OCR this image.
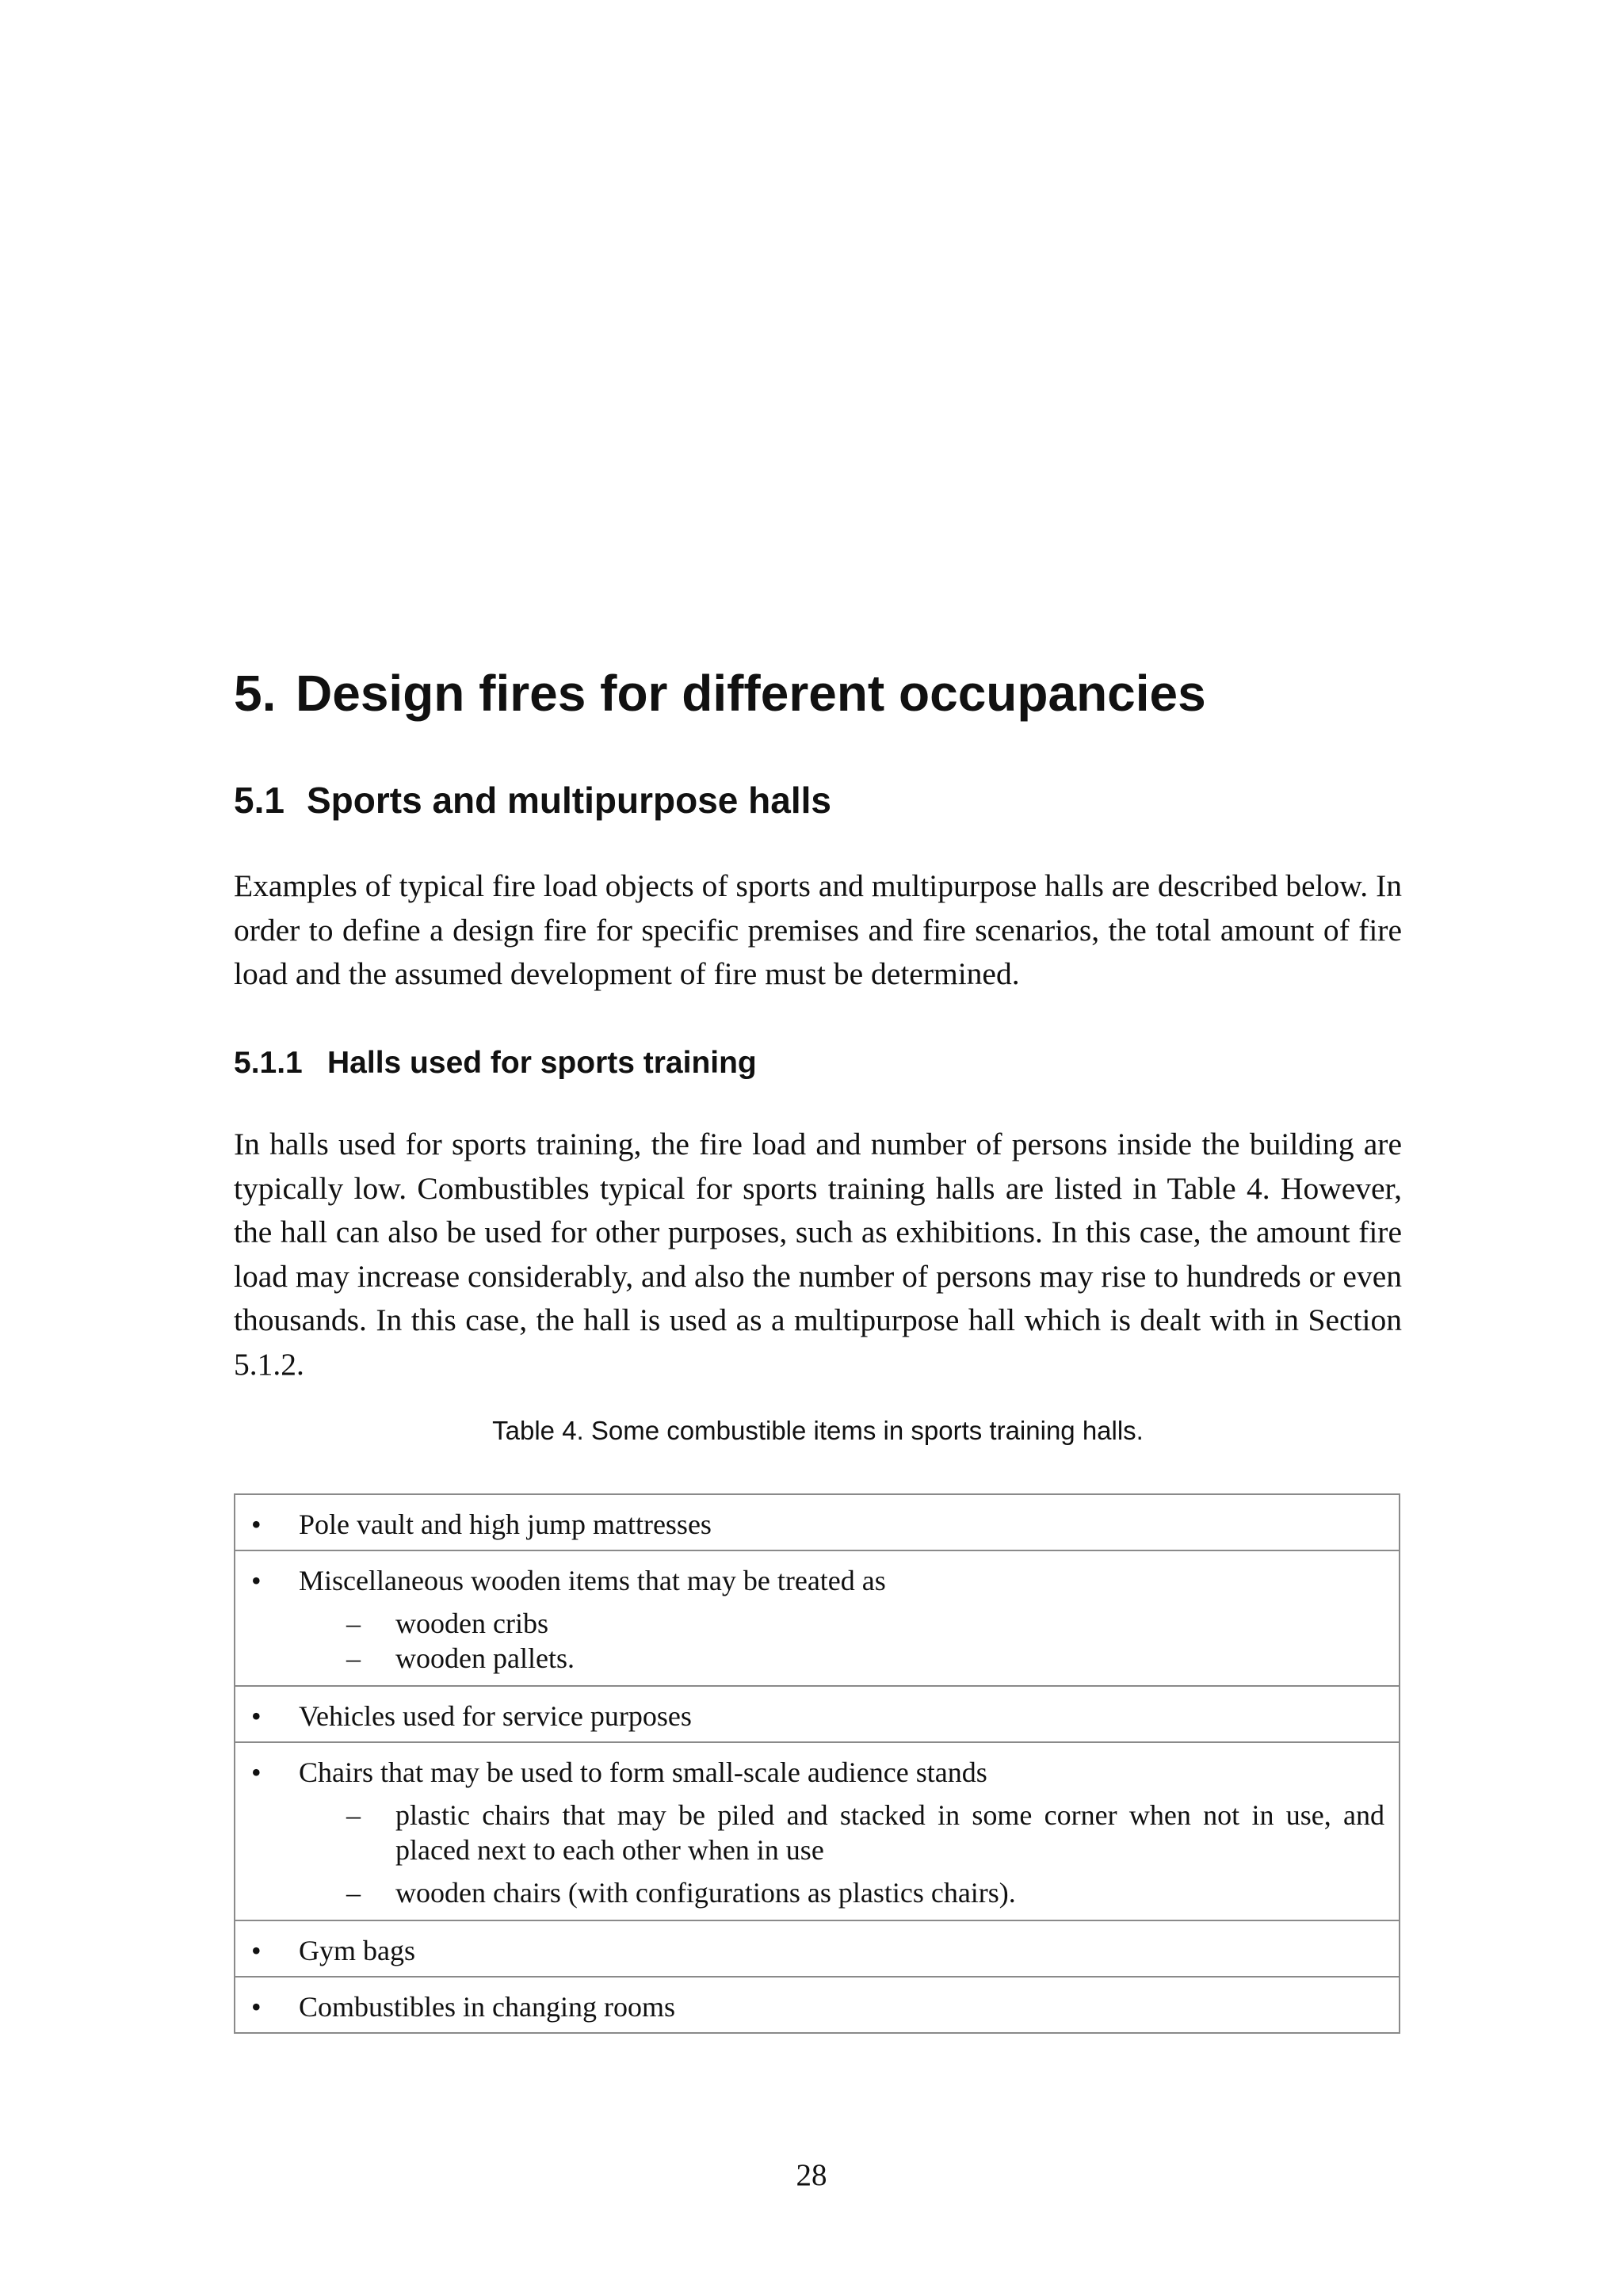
5. Design fires for different occupancies
5.1 Sports and multipurpose halls

Examples of typical fire load objects of sports and multipurpose halls are described below. In order to define a design fire for specific premises and fire scenarios, the total amount of fire load and the assumed development of fire must be determined.

5.1.1 Halls used for sports training

In halls used for sports training, the fire load and number of persons inside the building are typically low. Combustibles typical for sports training halls are listed in Table 4. However, the hall can also be used for other purposes, such as exhibitions. In this case, the amount fire load may increase considerably, and also the number of persons may rise to hundreds or even thousands. In this case, the hall is used as a multipurpose hall which is dealt with in Section 5.1.2.

Table 4. Some combustible items in sports training halls.

•	Pole vault and high jump mattresses

•	Miscellaneous wooden items that may be treated as
– wooden cribs
– wooden pallets.

•	Vehicles used for service purposes

•	Chairs that may be used to form small-scale audience stands
– plastic chairs that may be piled and stacked in some corner when not in use, and placed next to each other when in use
– wooden chairs (with configurations as plastics chairs).

•	Gym bags

•	Combustibles in changing rooms

28
